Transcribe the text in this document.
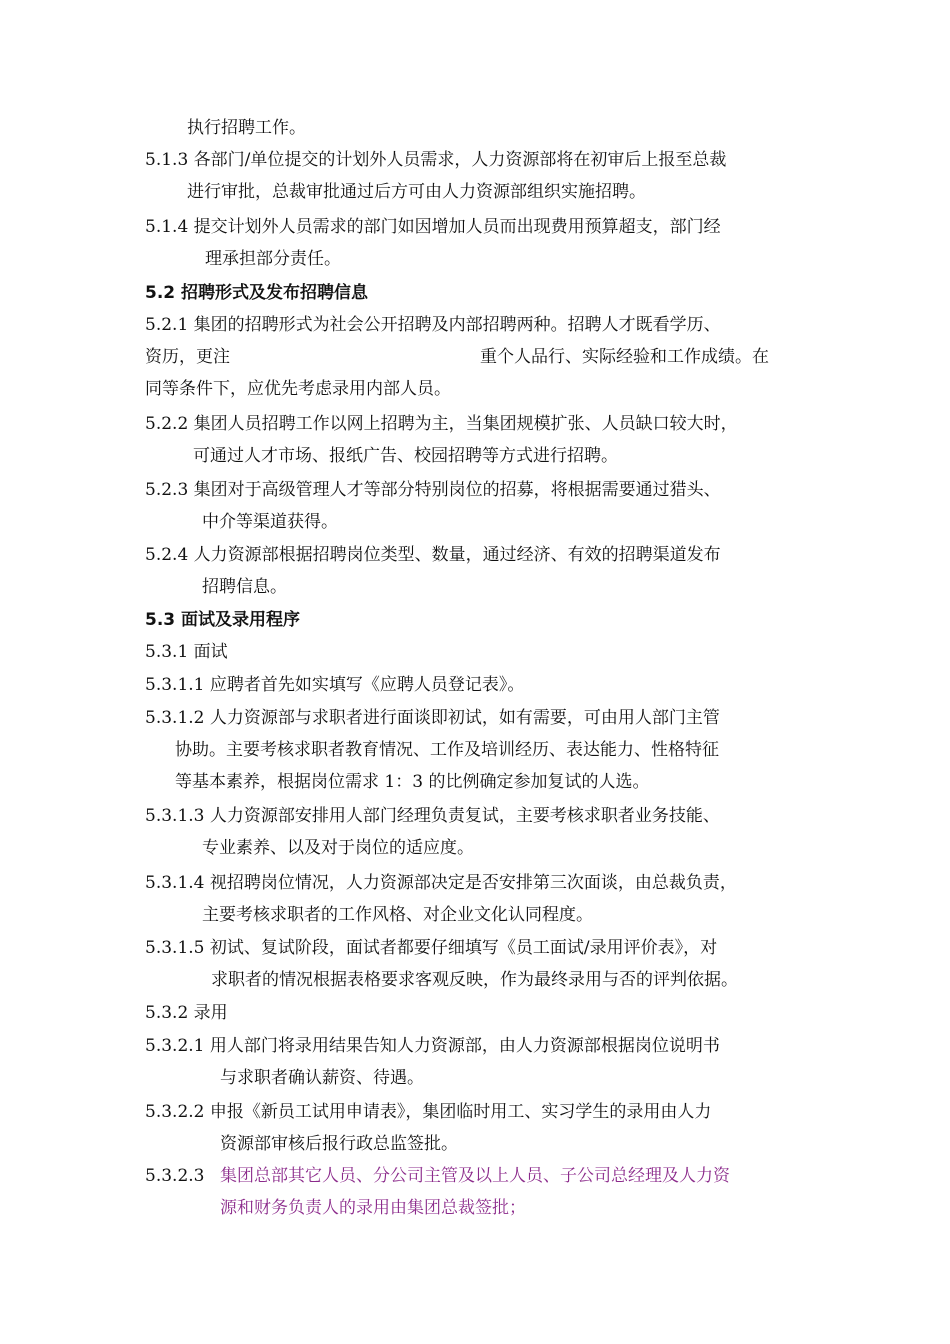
执行招聘工作。
5.1.3 各部门/单位提交的计划外人员需求，人力资源部将在初审后上报至总裁
进行审批，总裁审批通过后方可由人力资源部组织实施招聘。
5.1.4 提交计划外人员需求的部门如因增加人员而出现费用预算超支，部门经
理承担部分责任。
5.2 招聘形式及发布招聘信息
5.2.1 集团的招聘形式为社会公开招聘及内部招聘两种。招聘人才既看学历、
资历，更注	重个人品行、实际经验和工作成绩。在
同等条件下，应优先考虑录用内部人员。
5.2.2 集团人员招聘工作以网上招聘为主，当集团规模扩张、人员缺口较大时，
可通过人才市场、报纸广告、校园招聘等方式进行招聘。
5.2.3 集团对于高级管理人才等部分特别岗位的招募，将根据需要通过猎头、
中介等渠道获得。
5.2.4 人力资源部根据招聘岗位类型、数量，通过经济、有效的招聘渠道发布
招聘信息。
5.3 面试及录用程序
5.3.1 面试
5.3.1.1 应聘者首先如实填写《应聘人员登记表》。
5.3.1.2 人力资源部与求职者进行面谈即初试，如有需要，可由用人部门主管
协助。主要考核求职者教育情况、工作及培训经历、表达能力、性格特征
等基本素养，根据岗位需求 1：3 的比例确定参加复试的人选。
5.3.1.3 人力资源部安排用人部门经理负责复试，主要考核求职者业务技能、
专业素养、以及对于岗位的适应度。
5.3.1.4 视招聘岗位情况，人力资源部决定是否安排第三次面谈，由总裁负责，
主要考核求职者的工作风格、对企业文化认同程度。
5.3.1.5 初试、复试阶段，面试者都要仔细填写《员工面试/录用评价表》，对
求职者的情况根据表格要求客观反映，作为最终录用与否的评判依据。
5.3.2 录用
5.3.2.1 用人部门将录用结果告知人力资源部，由人力资源部根据岗位说明书
与求职者确认薪资、待遇。
5.3.2.2 申报《新员工试用申请表》，集团临时用工、实习学生的录用由人力
资源部审核后报行政总监签批。
5.3.2.3 集团总部其它人员、分公司主管及以上人员、子公司总经理及人力资
源和财务负责人的录用由集团总裁签批；
